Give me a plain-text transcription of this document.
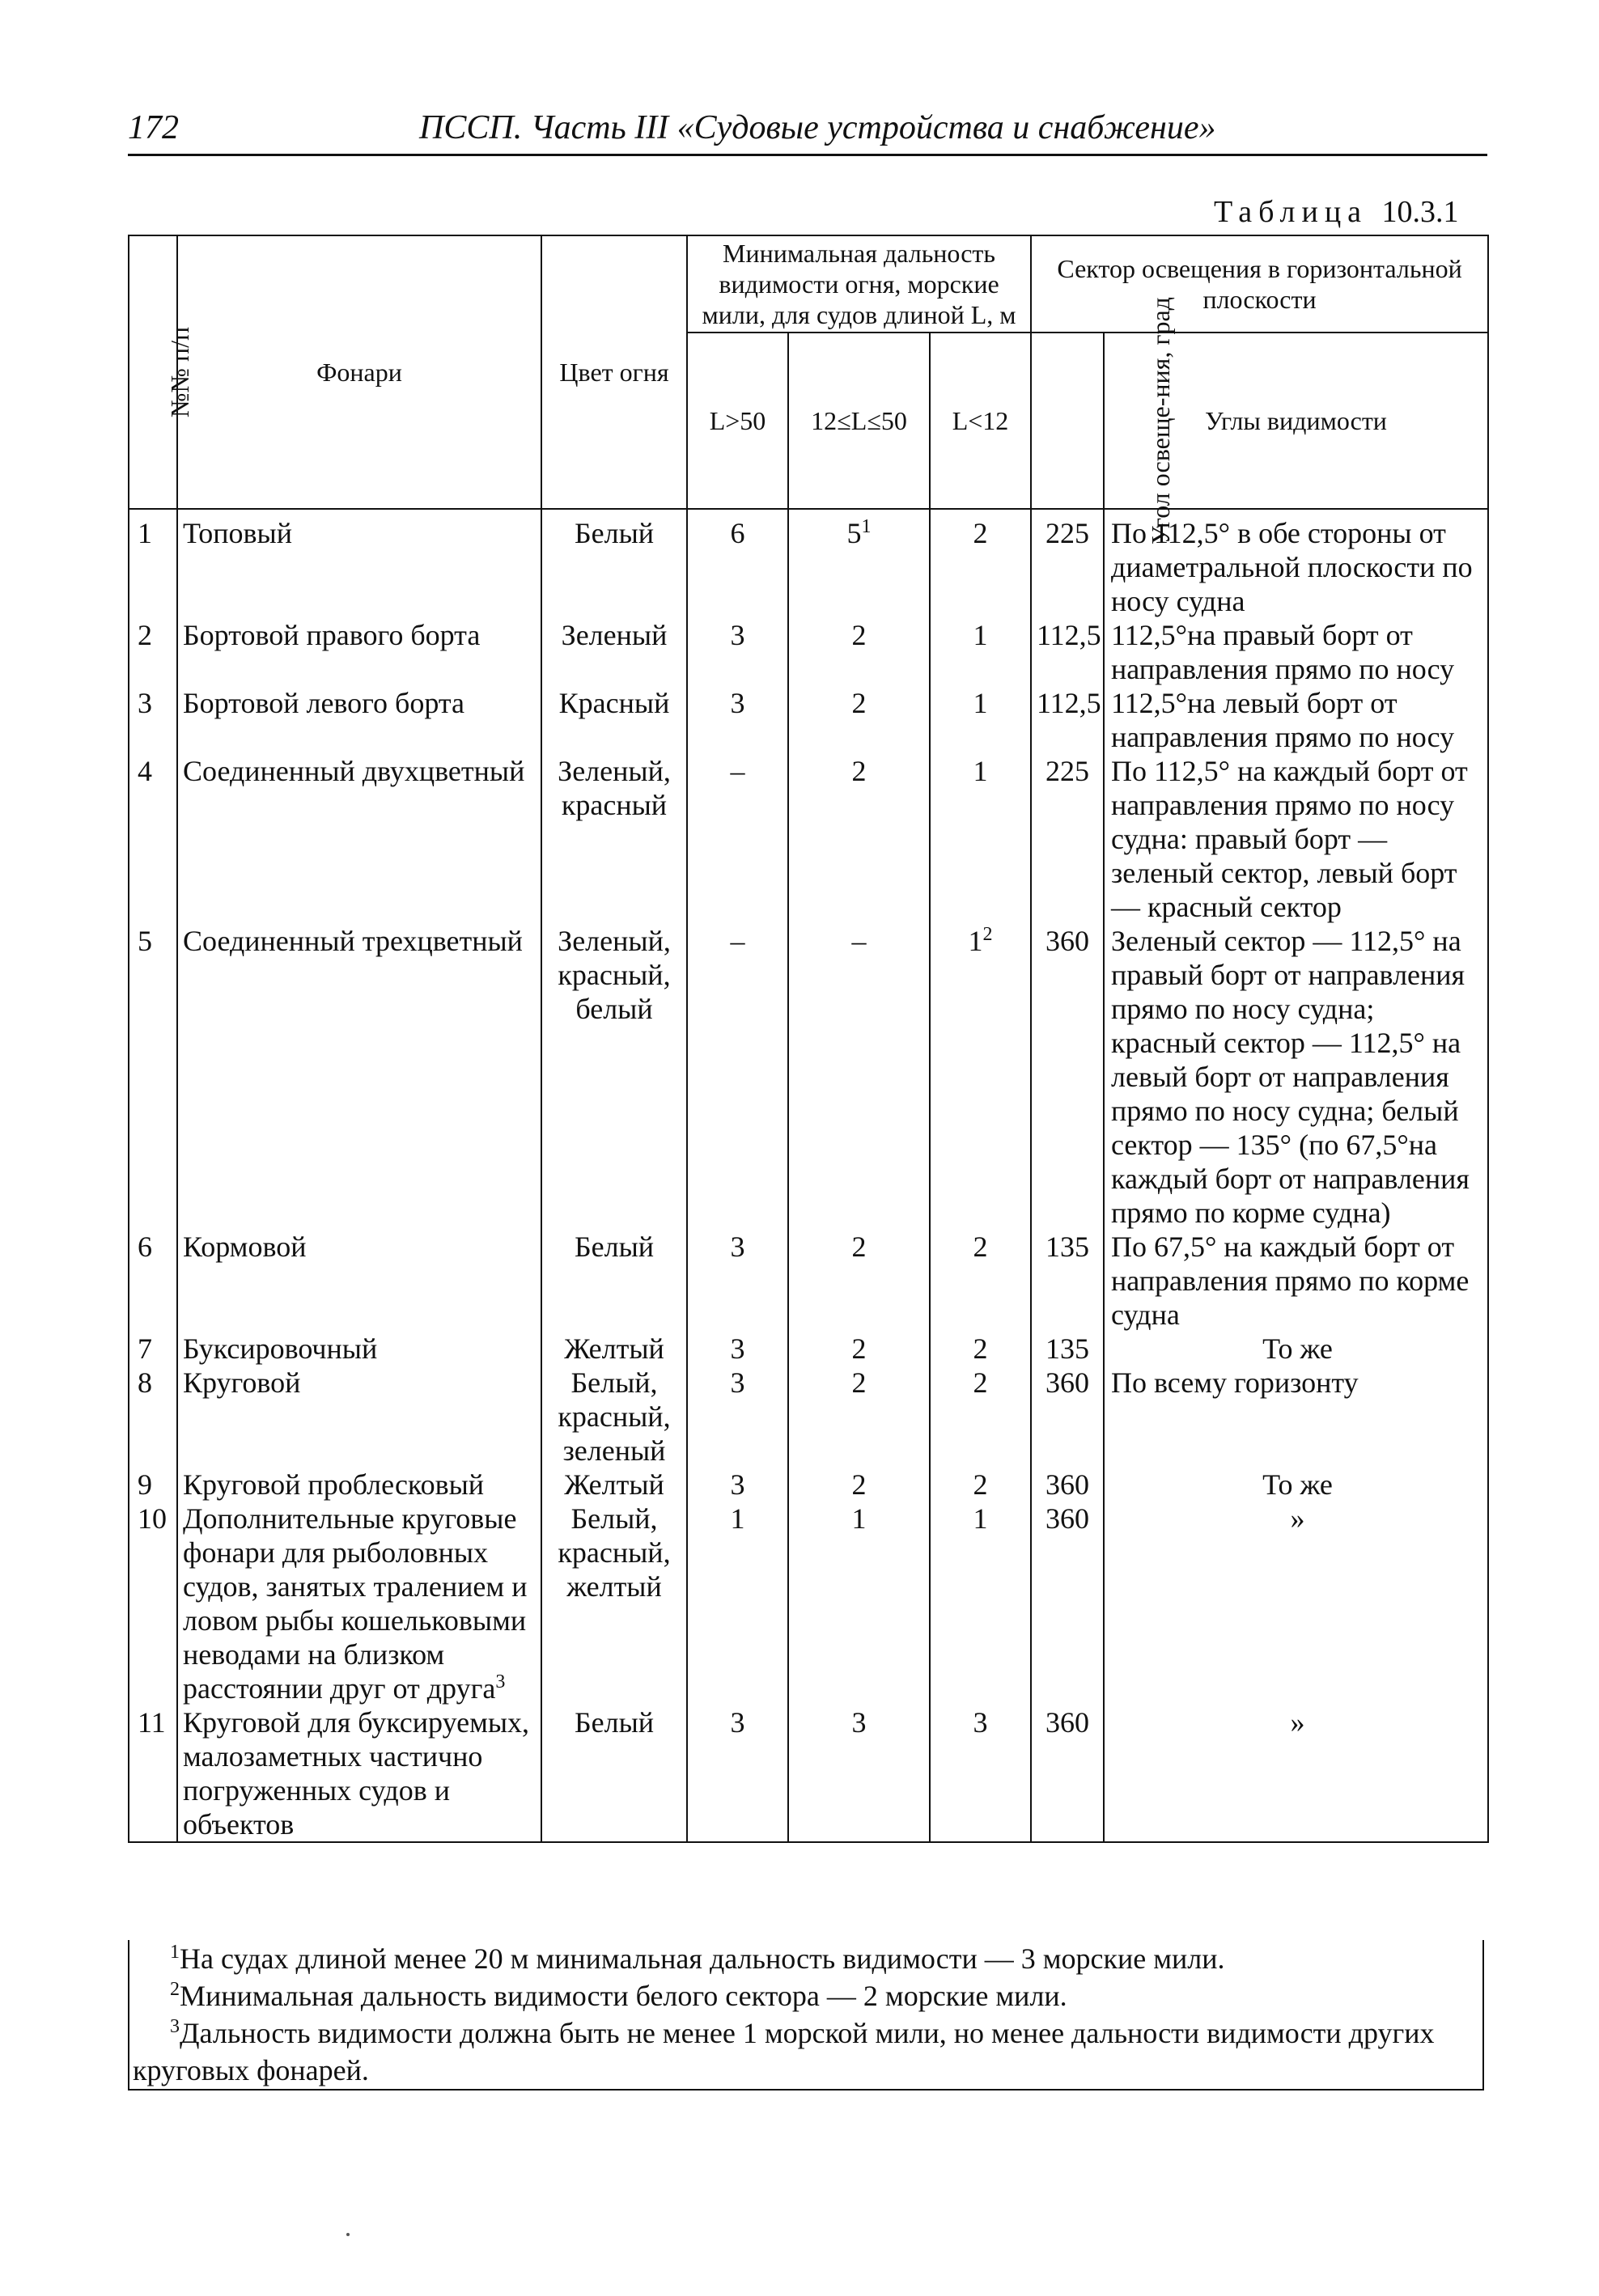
172	ПССП. Часть III «Судовые устройства и снабжение»
Таблица 10.3.1
№№ п/п	Фонари	Цвет огня	Минимальная дальность видимости огня, морские мили, для судов длиной L, м			Сектор освещения в горизонтальной плоскости	
			L>50	12≤L≤50	L<12	Угол освеще-ния, град	Углы видимости
1	Топовый	Белый	6	$5^1$	2	225	По 112,5° в обе стороны от диаметральной плоскости по носу судна
2	Бортовой правого борта	Зеленый	3	2	1	112,5	112,5°на правый борт от направления прямо по носу
3	Бортовой левого борта	Красный	3	2	1	112,5	112,5°на левый борт от направления прямо по носу
4	Соединенный двухцветный	Зеленый, красный	–	2	1	225	По 112,5° на каждый борт от направления прямо по носу судна: правый борт — зеленый сектор, левый борт — красный сектор
5	Соединенный трехцветный	Зеленый, красный, белый	–	–	$1^2$	360	Зеленый сектор — 112,5° на правый борт от направления прямо по носу судна; красный сектор — 112,5° на левый борт от направления прямо по носу судна; белый сектор — 135° (по 67,5°на каждый борт от направления прямо по корме судна)
6	Кормовой	Белый	3	2	2	135	По 67,5° на каждый борт от направления прямо по корме судна
7	Буксировочный	Желтый	3	2	2	135	То же
8	Круговой	Белый, красный, зеленый	3	2	2	360	По всему горизонту
9	Круговой проблесковый	Желтый	3	2	2	360	То же
10	Дополнительные круговые фонари для рыболовных судов, занятых тралением и ловом рыбы кошельковыми неводами на близком расстоянии друг от друга$^3$	Белый, красный, желтый	1	1	1	360	»
11	Круговой для буксируемых, малозаметных частично погруженных судов и объектов	Белый	3	3	3	360	»

$^1$На судах длиной менее 20 м минимальная дальность видимости — 3 морские мили.

$^2$Минимальная дальность видимости белого сектора — 2 морские мили.

$^3$Дальность видимости должна быть не менее 1 морской мили, но менее дальности видимости других круговых фонарей.
